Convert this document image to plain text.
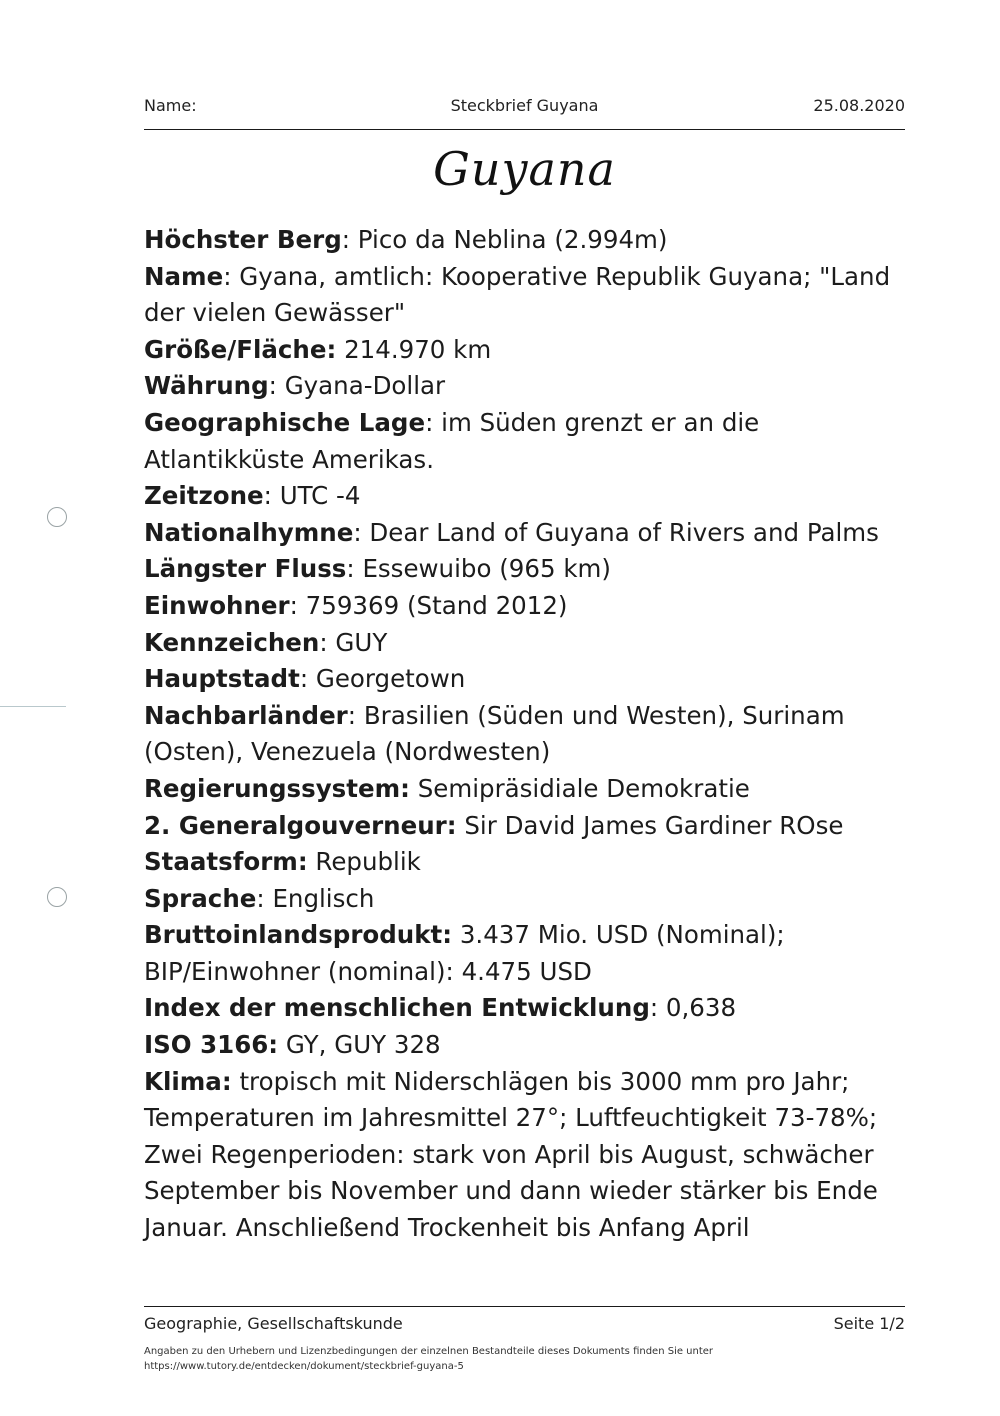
Name:	Steckbrief Guyana	25.08.2020
Guyana

Höchster Berg: Pico da Neblina (2.994m)

Name: Gyana, amtlich: Kooperative Republik Guyana; "Land der vielen Gewässer"

Größe/Fläche: 214.970 km

Währung: Gyana-Dollar

Geographische Lage: im Süden grenzt er an die Atlantikküste Amerikas.

Zeitzone: UTC -4

Nationalhymne: Dear Land of Guyana of Rivers and Palms

Längster Fluss: Essewuibo (965 km)

Einwohner: 759369 (Stand 2012)

Kennzeichen: GUY

Hauptstadt: Georgetown

Nachbarländer: Brasilien (Süden und Westen), Surinam (Osten), Venezuela (Nordwesten)

Regierungssystem: Semipräsidiale Demokratie

2. Generalgouverneur: Sir David James Gardiner ROse

Staatsform: Republik

Sprache: Englisch

Bruttoinlandsprodukt: 3.437 Mio. USD (Nominal); BIP/Einwohner (nominal): 4.475 USD

Index der menschlichen Entwicklung: 0,638

ISO 3166: GY, GUY 328

Klima: tropisch mit Niderschlägen bis 3000 mm pro Jahr; Temperaturen im Jahresmittel 27°; Luftfeuchtigkeit 73-78%; Zwei Regenperioden: stark von April bis August, schwächer September bis November und dann wieder stärker bis Ende Januar. Anschließend Trockenheit bis Anfang April

Geographie, Gesellschaftskunde	Seite 1/2
Angaben zu den Urhebern und Lizenzbedingungen der einzelnen Bestandteile dieses Dokuments finden Sie unter
https://www.tutory.de/entdecken/dokument/steckbrief-guyana-5
